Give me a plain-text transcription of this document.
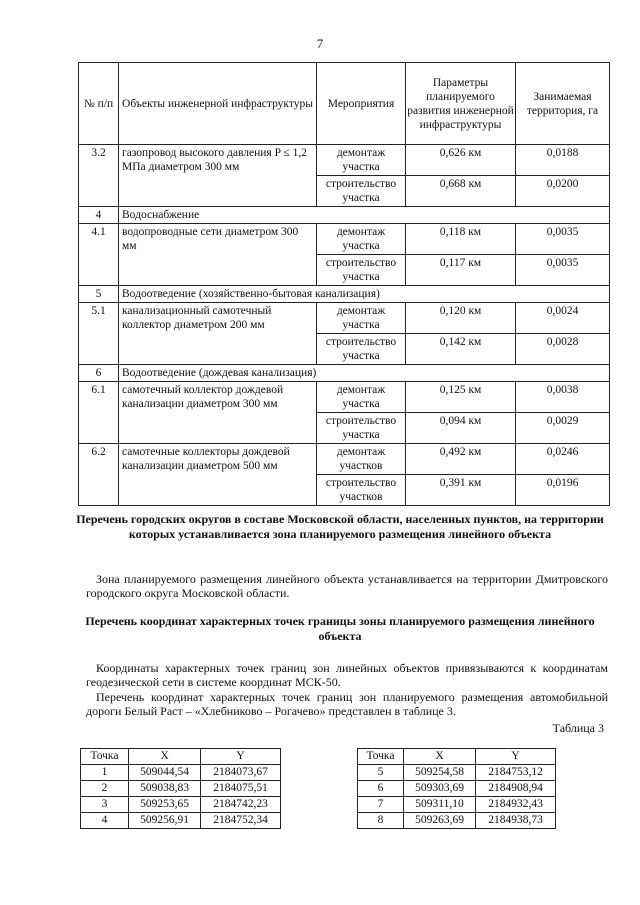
7
№ п/п	Объекты инженерной инфраструктуры	Мероприятия	Параметры планируемого развития инженерной инфраструктуры	Занимаемая территория, га
3.2	газопровод высокого давления P ≤ 1,2 МПа диаметром 300 мм	демонтаж участка	0,626 км	0,0188
		строительство участка	0,668 км	0,0200
4	Водоснабжение			
4.1	водопроводные сети диаметром 300 мм	демонтаж участка	0,118 км	0,0035
		строительство участка	0,117 км	0,0035
5	Водоотведение (хозяйственно-бытовая канализация)			
5.1	канализационный самотечный коллектор диаметром 200 мм	демонтаж участка	0,120 км	0,0024
		строительство участка	0,142 км	0,0028
6	Водоотведение (дождевая канализация)			
6.1	самотечный коллектор дождевой канализации диаметром 300 мм	демонтаж участка	0,125 км	0,0038
		строительство участка	0,094 км	0,0029
6.2	самотечные коллекторы дождевой канализации диаметром 500 мм	демонтаж участков	0,492 км	0,0246
		строительство участков	0,391 км	0,0196
Перечень городских округов в составе Московской области, населенных пунктов, на территории которых устанавливается зона планируемого размещения линейного объекта
Зона планируемого размещения линейного объекта устанавливается на территории Дмитровского городского округа Московской области.
Перечень координат характерных точек границы зоны планируемого размещения линейного объекта
Координаты характерных точек границ зон линейных объектов привязываются к координатам геодезической сети в системе координат МСК-50.
Перечень координат характерных точек границ зон планируемого размещения автомобильной дороги Белый Раст – «Хлебниково – Рогачево» представлен в таблице 3.
Таблица 3
Точка	X	Y
1	509044,54	2184073,67
2	509038,83	2184075,51
3	509253,65	2184742,23
4	509256,91	2184752,34
Точка	X	Y
5	509254,58	2184753,12
6	509303,69	2184908,94
7	509311,10	2184932,43
8	509263,69	2184938,73
